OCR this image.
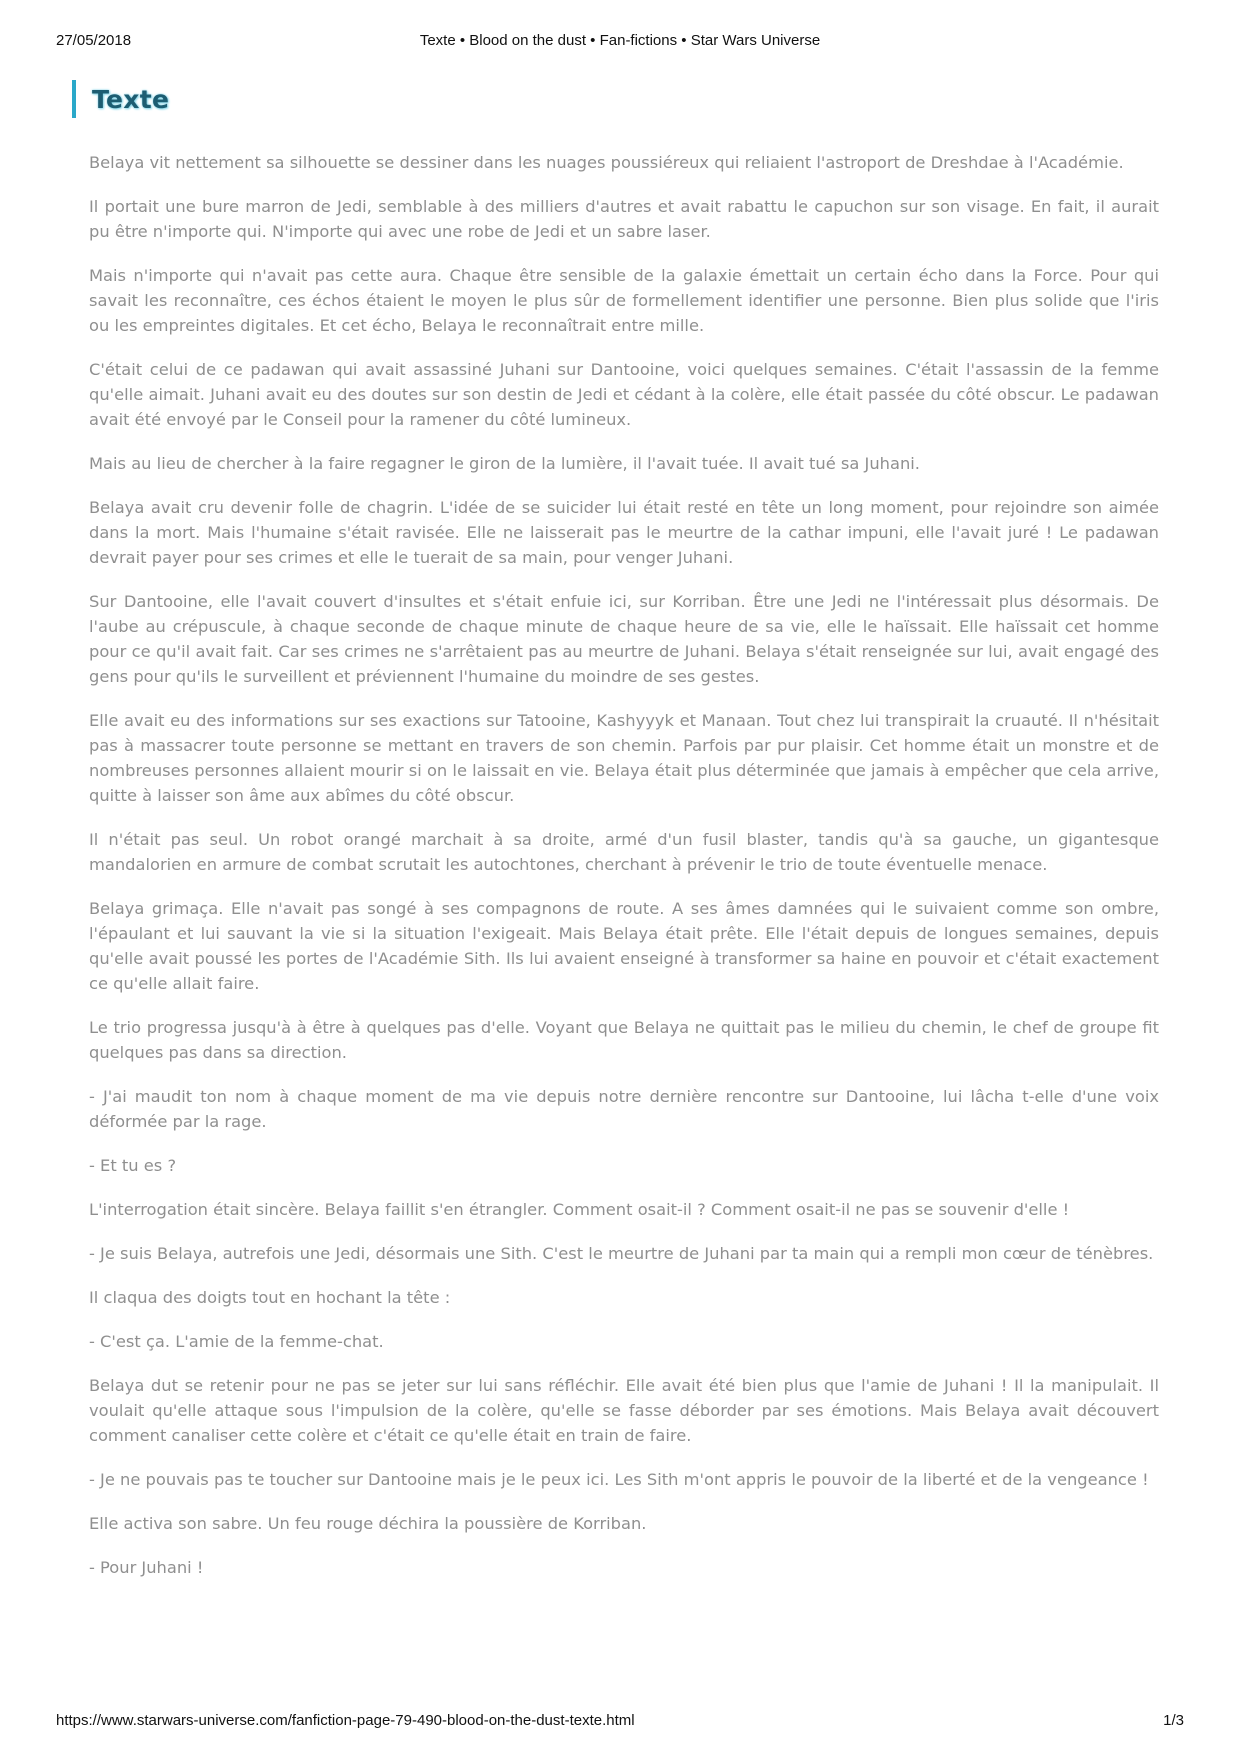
27/05/2018	Texte • Blood on the dust • Fan-fictions • Star Wars Universe
Texte

Belaya vit nettement sa silhouette se dessiner dans les nuages poussiéreux qui reliaient l'astroport de Dreshdae à l'Académie.

Il portait une bure marron de Jedi, semblable à des milliers d'autres et avait rabattu le capuchon sur son visage. En fait, il aurait pu être n'importe qui. N'importe qui avec une robe de Jedi et un sabre laser.

Mais n'importe qui n'avait pas cette aura. Chaque être sensible de la galaxie émettait un certain écho dans la Force. Pour qui savait les reconnaître, ces échos étaient le moyen le plus sûr de formellement identifier une personne. Bien plus solide que l'iris ou les empreintes digitales. Et cet écho, Belaya le reconnaîtrait entre mille.

C'était celui de ce padawan qui avait assassiné Juhani sur Dantooine, voici quelques semaines. C'était l'assassin de la femme qu'elle aimait. Juhani avait eu des doutes sur son destin de Jedi et cédant à la colère, elle était passée du côté obscur. Le padawan avait été envoyé par le Conseil pour la ramener du côté lumineux.

Mais au lieu de chercher à la faire regagner le giron de la lumière, il l'avait tuée. Il avait tué sa Juhani.

Belaya avait cru devenir folle de chagrin. L'idée de se suicider lui était resté en tête un long moment, pour rejoindre son aimée dans la mort. Mais l'humaine s'était ravisée. Elle ne laisserait pas le meurtre de la cathar impuni, elle l'avait juré ! Le padawan devrait payer pour ses crimes et elle le tuerait de sa main, pour venger Juhani.

Sur Dantooine, elle l'avait couvert d'insultes et s'était enfuie ici, sur Korriban. Être une Jedi ne l'intéressait plus désormais. De l'aube au crépuscule, à chaque seconde de chaque minute de chaque heure de sa vie, elle le haïssait. Elle haïssait cet homme pour ce qu'il avait fait. Car ses crimes ne s'arrêtaient pas au meurtre de Juhani. Belaya s'était renseignée sur lui, avait engagé des gens pour qu'ils le surveillent et préviennent l'humaine du moindre de ses gestes.

Elle avait eu des informations sur ses exactions sur Tatooine, Kashyyyk et Manaan. Tout chez lui transpirait la cruauté. Il n'hésitait pas à massacrer toute personne se mettant en travers de son chemin. Parfois par pur plaisir. Cet homme était un monstre et de nombreuses personnes allaient mourir si on le laissait en vie. Belaya était plus déterminée que jamais à empêcher que cela arrive, quitte à laisser son âme aux abîmes du côté obscur.

Il n'était pas seul. Un robot orangé marchait à sa droite, armé d'un fusil blaster, tandis qu'à sa gauche, un gigantesque mandalorien en armure de combat scrutait les autochtones, cherchant à prévenir le trio de toute éventuelle menace.

Belaya grimaça. Elle n'avait pas songé à ses compagnons de route. A ses âmes damnées qui le suivaient comme son ombre, l'épaulant et lui sauvant la vie si la situation l'exigeait. Mais Belaya était prête. Elle l'était depuis de longues semaines, depuis qu'elle avait poussé les portes de l'Académie Sith. Ils lui avaient enseigné à transformer sa haine en pouvoir et c'était exactement ce qu'elle allait faire.

Le trio progressa jusqu'à à être à quelques pas d'elle. Voyant que Belaya ne quittait pas le milieu du chemin, le chef de groupe fit quelques pas dans sa direction.

- J'ai maudit ton nom à chaque moment de ma vie depuis notre dernière rencontre sur Dantooine, lui lâcha t-elle d'une voix déformée par la rage.

- Et tu es ?

L'interrogation était sincère. Belaya faillit s'en étrangler. Comment osait-il ? Comment osait-il ne pas se souvenir d'elle !

- Je suis Belaya, autrefois une Jedi, désormais une Sith. C'est le meurtre de Juhani par ta main qui a rempli mon cœur de ténèbres.

Il claqua des doigts tout en hochant la tête :

- C'est ça. L'amie de la femme-chat.

Belaya dut se retenir pour ne pas se jeter sur lui sans réfléchir. Elle avait été bien plus que l'amie de Juhani ! Il la manipulait. Il voulait qu'elle attaque sous l'impulsion de la colère, qu'elle se fasse déborder par ses émotions. Mais Belaya avait découvert comment canaliser cette colère et c'était ce qu'elle était en train de faire.

- Je ne pouvais pas te toucher sur Dantooine mais je le peux ici. Les Sith m'ont appris le pouvoir de la liberté et de la vengeance !

Elle activa son sabre. Un feu rouge déchira la poussière de Korriban.

- Pour Juhani !

https://www.starwars-universe.com/fanfiction-page-79-490-blood-on-the-dust-texte.html	1/3
